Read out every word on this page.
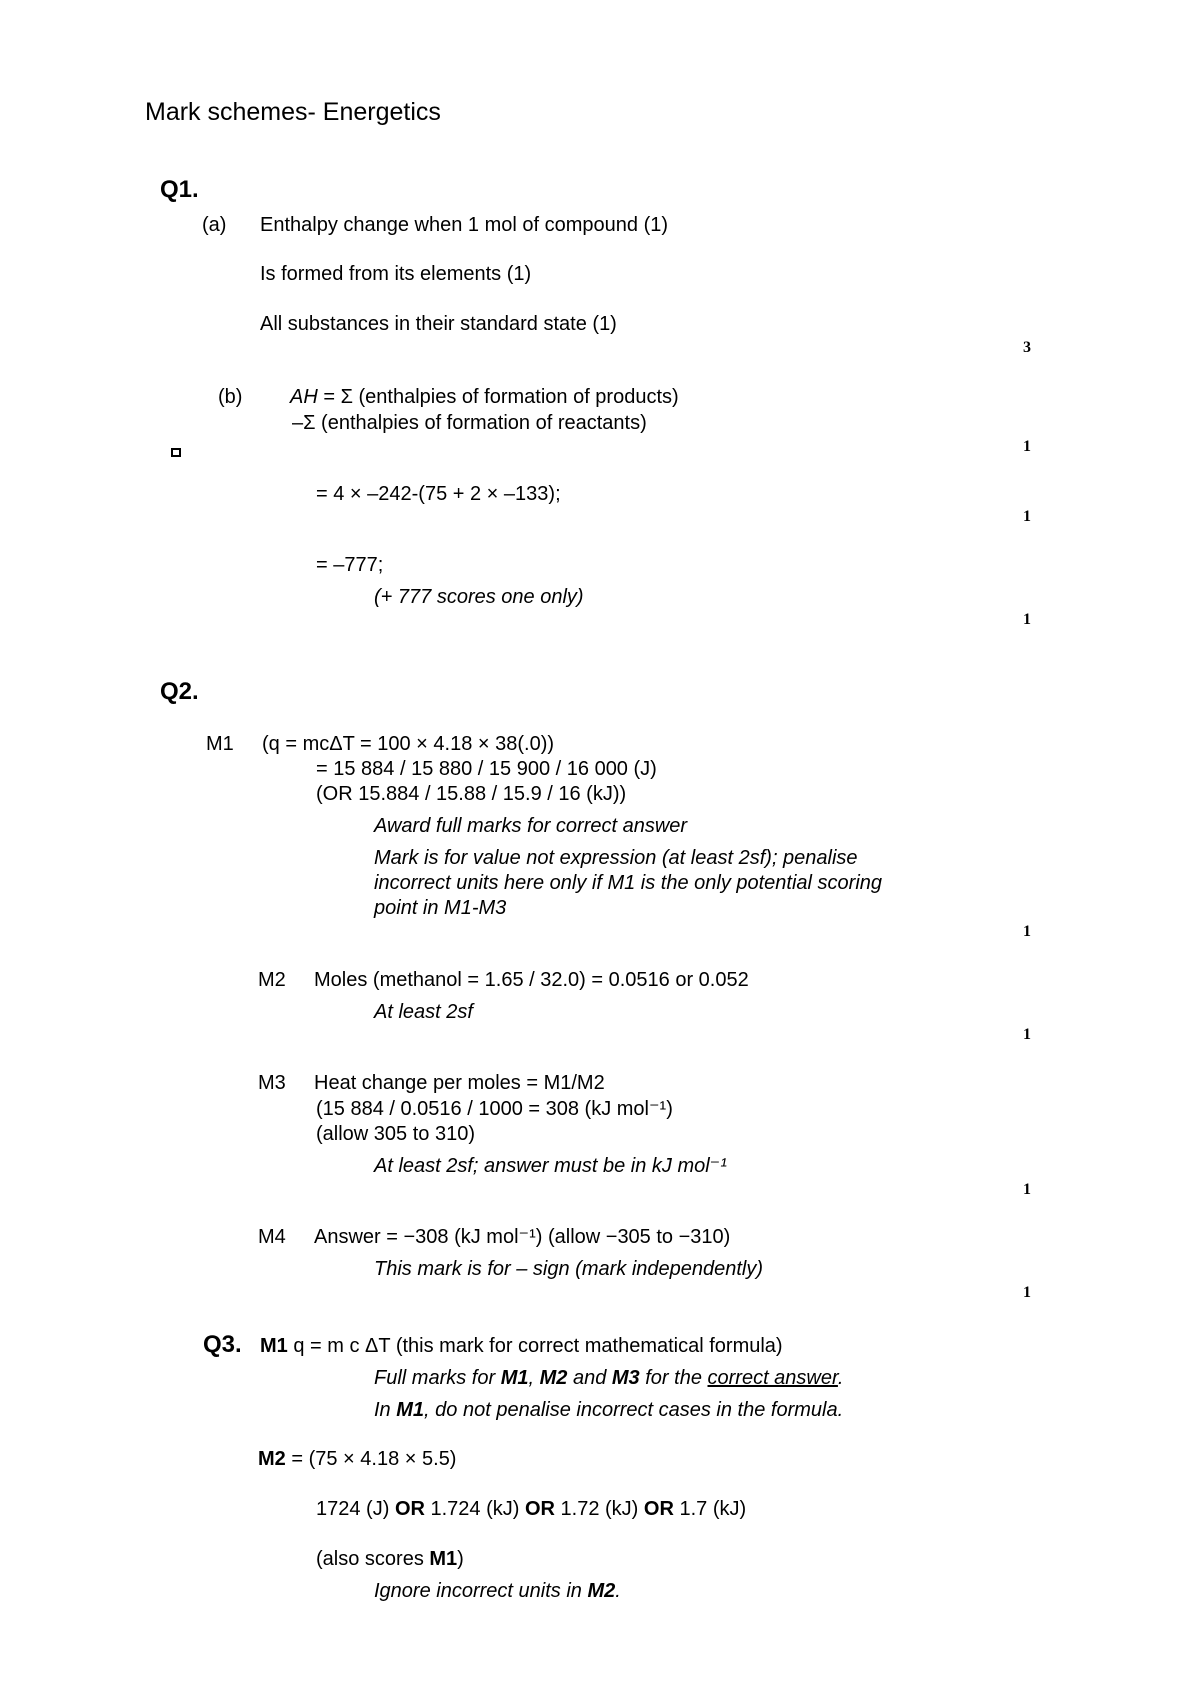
Mark schemes- Energetics
Q1.
(a) Enthalpy change when 1 mol of compound (1)
Is formed from its elements (1)
All substances in their standard state (1)
3
(b) AH = Σ (enthalpies of formation of products)
–Σ (enthalpies of formation of reactants)
1
= 4 × –242-(75 + 2 × –133);
1
= –777;
(+ 777 scores one only)
1
Q2.
M1 (q = mcΔT = 100 × 4.18 × 38(.0))
= 15 884 / 15 880 / 15 900 / 16 000 (J)
(OR 15.884 / 15.88 / 15.9 / 16 (kJ))
Award full marks for correct answer
Mark is for value not expression (at least 2sf); penalise
incorrect units here only if M1 is the only potential scoring
point in M1-M3
1
M2 Moles (methanol = 1.65 / 32.0) = 0.0516 or 0.052
At least 2sf
1
M3 Heat change per moles = M1/M2
(15 884 / 0.0516 / 1000 = 308 (kJ mol⁻¹)
(allow 305 to 310)
At least 2sf; answer must be in kJ mol⁻¹
1
M4 Answer = −308 (kJ mol⁻¹) (allow −305 to −310)
This mark is for – sign (mark independently)
1
Q3. M1 q = m c ΔT (this mark for correct mathematical formula)
Full marks for M1, M2 and M3 for the correct answer.
In M1, do not penalise incorrect cases in the formula.
M2 = (75 × 4.18 × 5.5)
1724 (J) OR 1.724 (kJ) OR 1.72 (kJ) OR 1.7 (kJ)
(also scores M1)
Ignore incorrect units in M2.
